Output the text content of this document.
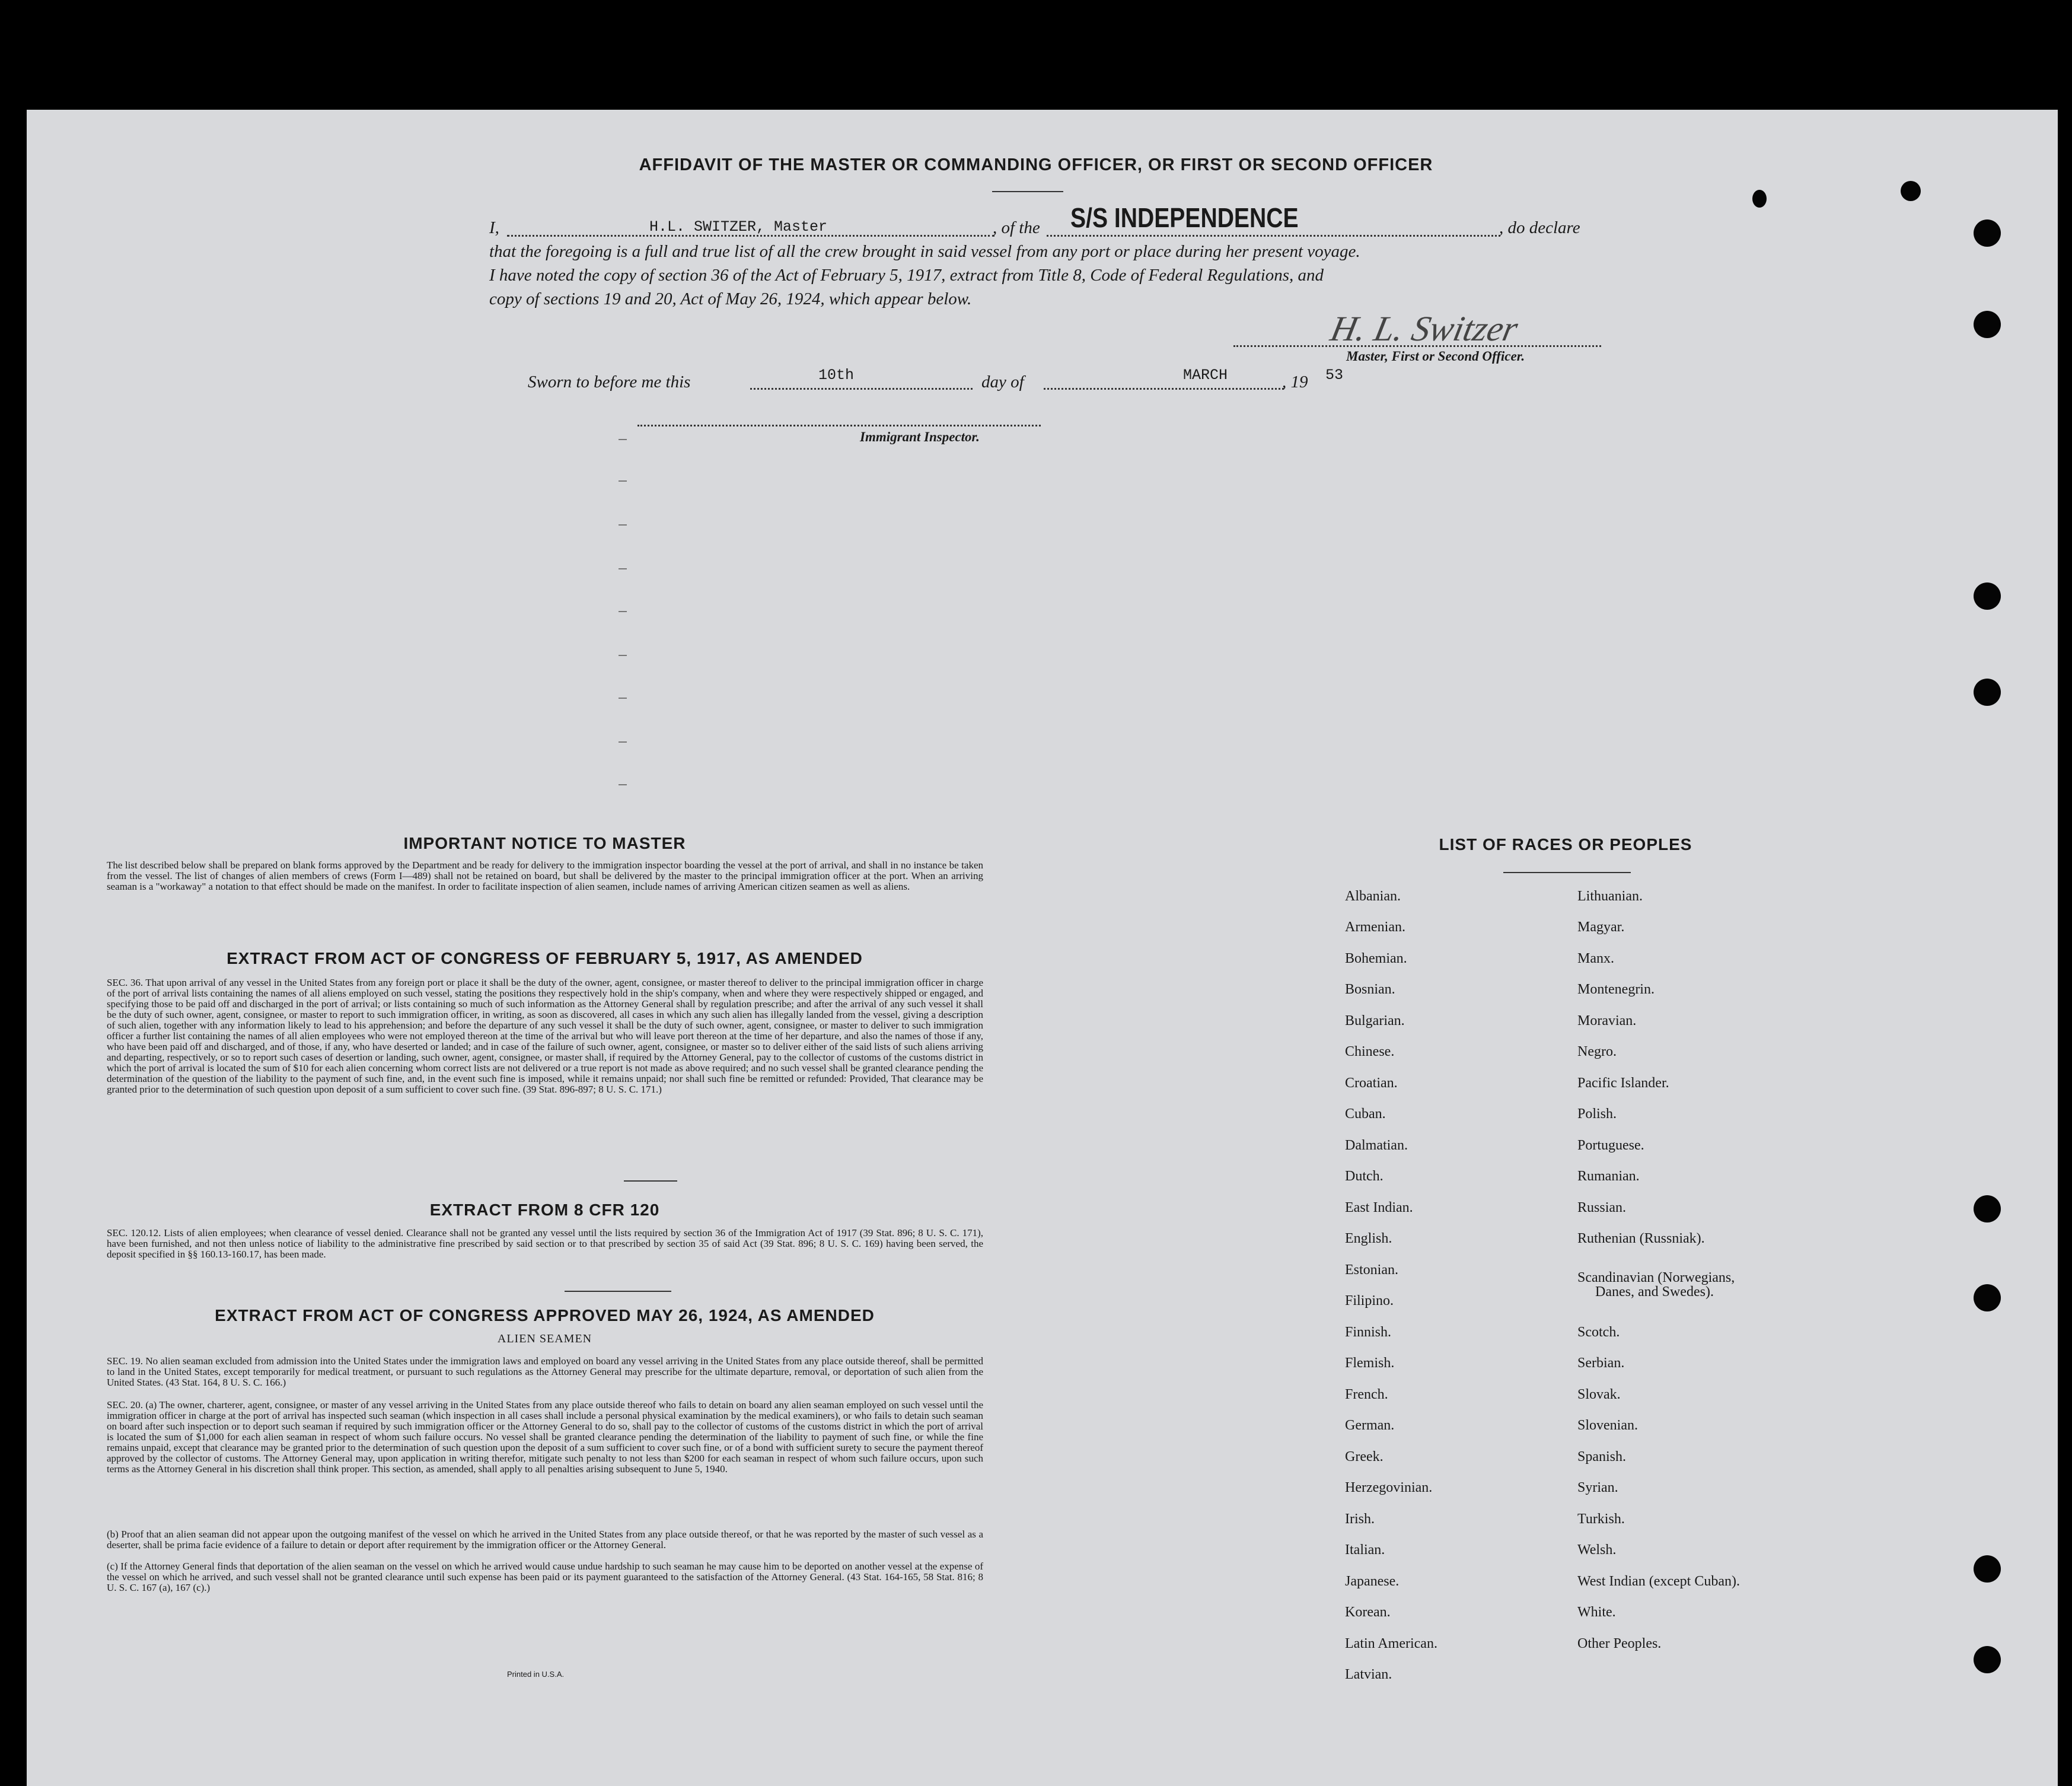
AFFIDAVIT OF THE MASTER OR COMMANDING OFFICER, OR FIRST OR SECOND OFFICER
I,	H.L. SWITZER, Master	, of the S/S INDEPENDENCE	, do declare
that the foregoing is a full and true list of all the crew brought in said vessel from any port or place during her present voyage.
I have noted the copy of section 36 of the Act of February 5, 1917, extract from Title 8, Code of Federal Regulations, and
copy of sections 19 and 20, Act of May 26, 1924, which appear below.
H. L. Switzer
Master, First or Second Officer.
Sworn to before me this	10th	day of	MARCH	, 19 53
Immigrant Inspector.
IMPORTANT NOTICE TO MASTER
The list described below shall be prepared on blank forms approved by the Department and be ready for delivery to the immigration inspector boarding the vessel at the port of arrival, and shall in no instance be taken from the vessel. The list of changes of alien members of crews (Form I—489) shall not be retained on board, but shall be delivered by the master to the principal immigration officer at the port. When an arriving seaman is a "workaway" a notation to that effect should be made on the manifest. In order to facilitate inspection of alien seamen, include names of arriving American citizen seamen as well as aliens.
EXTRACT FROM ACT OF CONGRESS OF FEBRUARY 5, 1917, AS AMENDED
SEC. 36. That upon arrival of any vessel in the United States from any foreign port or place it shall be the duty of the owner, agent, consignee, or master thereof to deliver to the principal immigration officer in charge of the port of arrival lists containing the names of all aliens employed on such vessel, stating the positions they respectively hold in the ship's company, when and where they were respectively shipped or engaged, and specifying those to be paid off and discharged in the port of arrival; or lists containing so much of such information as the Attorney General shall by regulation prescribe; and after the arrival of any such vessel it shall be the duty of such owner, agent, consignee, or master to report to such immigration officer, in writing, as soon as discovered, all cases in which any such alien has illegally landed from the vessel, giving a description of such alien, together with any information likely to lead to his apprehension; and before the departure of any such vessel it shall be the duty of such owner, agent, consignee, or master to deliver to such immigration officer a further list containing the names of all alien employees who were not employed thereon at the time of the arrival but who will leave port thereon at the time of her departure, and also the names of those if any, who have been paid off and discharged, and of those, if any, who have deserted or landed; and in case of the failure of such owner, agent, consignee, or master so to deliver either of the said lists of such aliens arriving and departing, respectively, or so to report such cases of desertion or landing, such owner, agent, consignee, or master shall, if required by the Attorney General, pay to the collector of customs of the customs district in which the port of arrival is located the sum of $10 for each alien concerning whom correct lists are not delivered or a true report is not made as above required; and no such vessel shall be granted clearance pending the determination of the question of the liability to the payment of such fine, and, in the event such fine is imposed, while it remains unpaid; nor shall such fine be remitted or refunded: Provided, That clearance may be granted prior to the determination of such question upon deposit of a sum sufficient to cover such fine. (39 Stat. 896-897; 8 U. S. C. 171.)
EXTRACT FROM 8 CFR 120
SEC. 120.12. Lists of alien employees; when clearance of vessel denied. Clearance shall not be granted any vessel until the lists required by section 36 of the Immigration Act of 1917 (39 Stat. 896; 8 U. S. C. 171), have been furnished, and not then unless notice of liability to the administrative fine prescribed by said section or to that prescribed by section 35 of said Act (39 Stat. 896; 8 U. S. C. 169) having been served, the deposit specified in §§ 160.13-160.17, has been made.
EXTRACT FROM ACT OF CONGRESS APPROVED MAY 26, 1924, AS AMENDED
ALIEN SEAMEN
SEC. 19. No alien seaman excluded from admission into the United States under the immigration laws and employed on board any vessel arriving in the United States from any place outside thereof, shall be permitted to land in the United States, except temporarily for medical treatment, or pursuant to such regulations as the Attorney General may prescribe for the ultimate departure, removal, or deportation of such alien from the United States. (43 Stat. 164, 8 U. S. C. 166.)
SEC. 20. (a) The owner, charterer, agent, consignee, or master of any vessel arriving in the United States from any place outside thereof who fails to detain on board any alien seaman employed on such vessel until the immigration officer in charge at the port of arrival has inspected such seaman (which inspection in all cases shall include a personal physical examination by the medical examiners), or who fails to detain such seaman on board after such inspection or to deport such seaman if required by such immigration officer or the Attorney General to do so, shall pay to the collector of customs of the customs district in which the port of arrival is located the sum of $1,000 for each alien seaman in respect of whom such failure occurs. No vessel shall be granted clearance pending the determination of the liability to payment of such fine, or while the fine remains unpaid, except that clearance may be granted prior to the determination of such question upon the deposit of a sum sufficient to cover such fine, or of a bond with sufficient surety to secure the payment thereof approved by the collector of customs. The Attorney General may, upon application in writing therefor, mitigate such penalty to not less than $200 for each seaman in respect of whom such failure occurs, upon such terms as the Attorney General in his discretion shall think proper. This section, as amended, shall apply to all penalties arising subsequent to June 5, 1940.
(b) Proof that an alien seaman did not appear upon the outgoing manifest of the vessel on which he arrived in the United States from any place outside thereof, or that he was reported by the master of such vessel as a deserter, shall be prima facie evidence of a failure to detain or deport after requirement by the immigration officer or the Attorney General.
(c) If the Attorney General finds that deportation of the alien seaman on the vessel on which he arrived would cause undue hardship to such seaman he may cause him to be deported on another vessel at the expense of the vessel on which he arrived, and such vessel shall not be granted clearance until such expense has been paid or its payment guaranteed to the satisfaction of the Attorney General. (43 Stat. 164-165, 58 Stat. 816; 8 U. S. C. 167 (a), 167 (c).)
Printed in U.S.A.
LIST OF RACES OR PEOPLES
Albanian.
Armenian.
Bohemian.
Bosnian.
Bulgarian.
Chinese.
Croatian.
Cuban.
Dalmatian.
Dutch.
East Indian.
English.
Estonian.
Filipino.
Finnish.
Flemish.
French.
German.
Greek.
Herzegovinian.
Irish.
Italian.
Japanese.
Korean.
Latin American.
Latvian.
Lithuanian.
Magyar.
Manx.
Montenegrin.
Moravian.
Negro.
Pacific Islander.
Polish.
Portuguese.
Rumanian.
Russian.
Ruthenian (Russniak).
Scandinavian (Norwegians,
Danes, and Swedes).
Scotch.
Serbian.
Slovak.
Slovenian.
Spanish.
Syrian.
Turkish.
Welsh.
West Indian (except Cuban).
White.
Other Peoples.
